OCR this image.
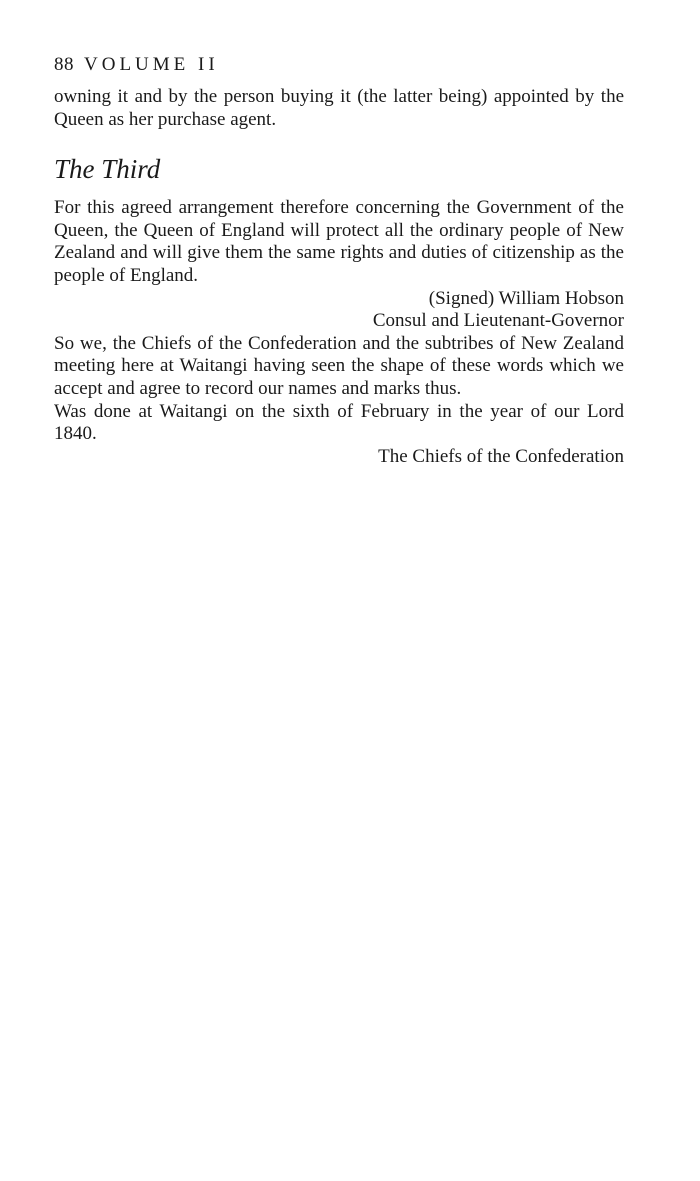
88 VOLUME II

owning it and by the person buying it (the latter being) appointed by the Queen as her purchase agent.

The Third

For this agreed arrangement therefore concerning the Government of the Queen, the Queen of England will protect all the ordinary people of New Zealand and will give them the same rights and duties of citizenship as the people of England.

(Signed) William Hobson

Consul and Lieutenant-Governor

So we, the Chiefs of the Confederation and the subtribes of New Zealand meeting here at Waitangi having seen the shape of these words which we accept and agree to record our names and marks thus.

Was done at Waitangi on the sixth of February in the year of our Lord 1840.

The Chiefs of the Confederation
